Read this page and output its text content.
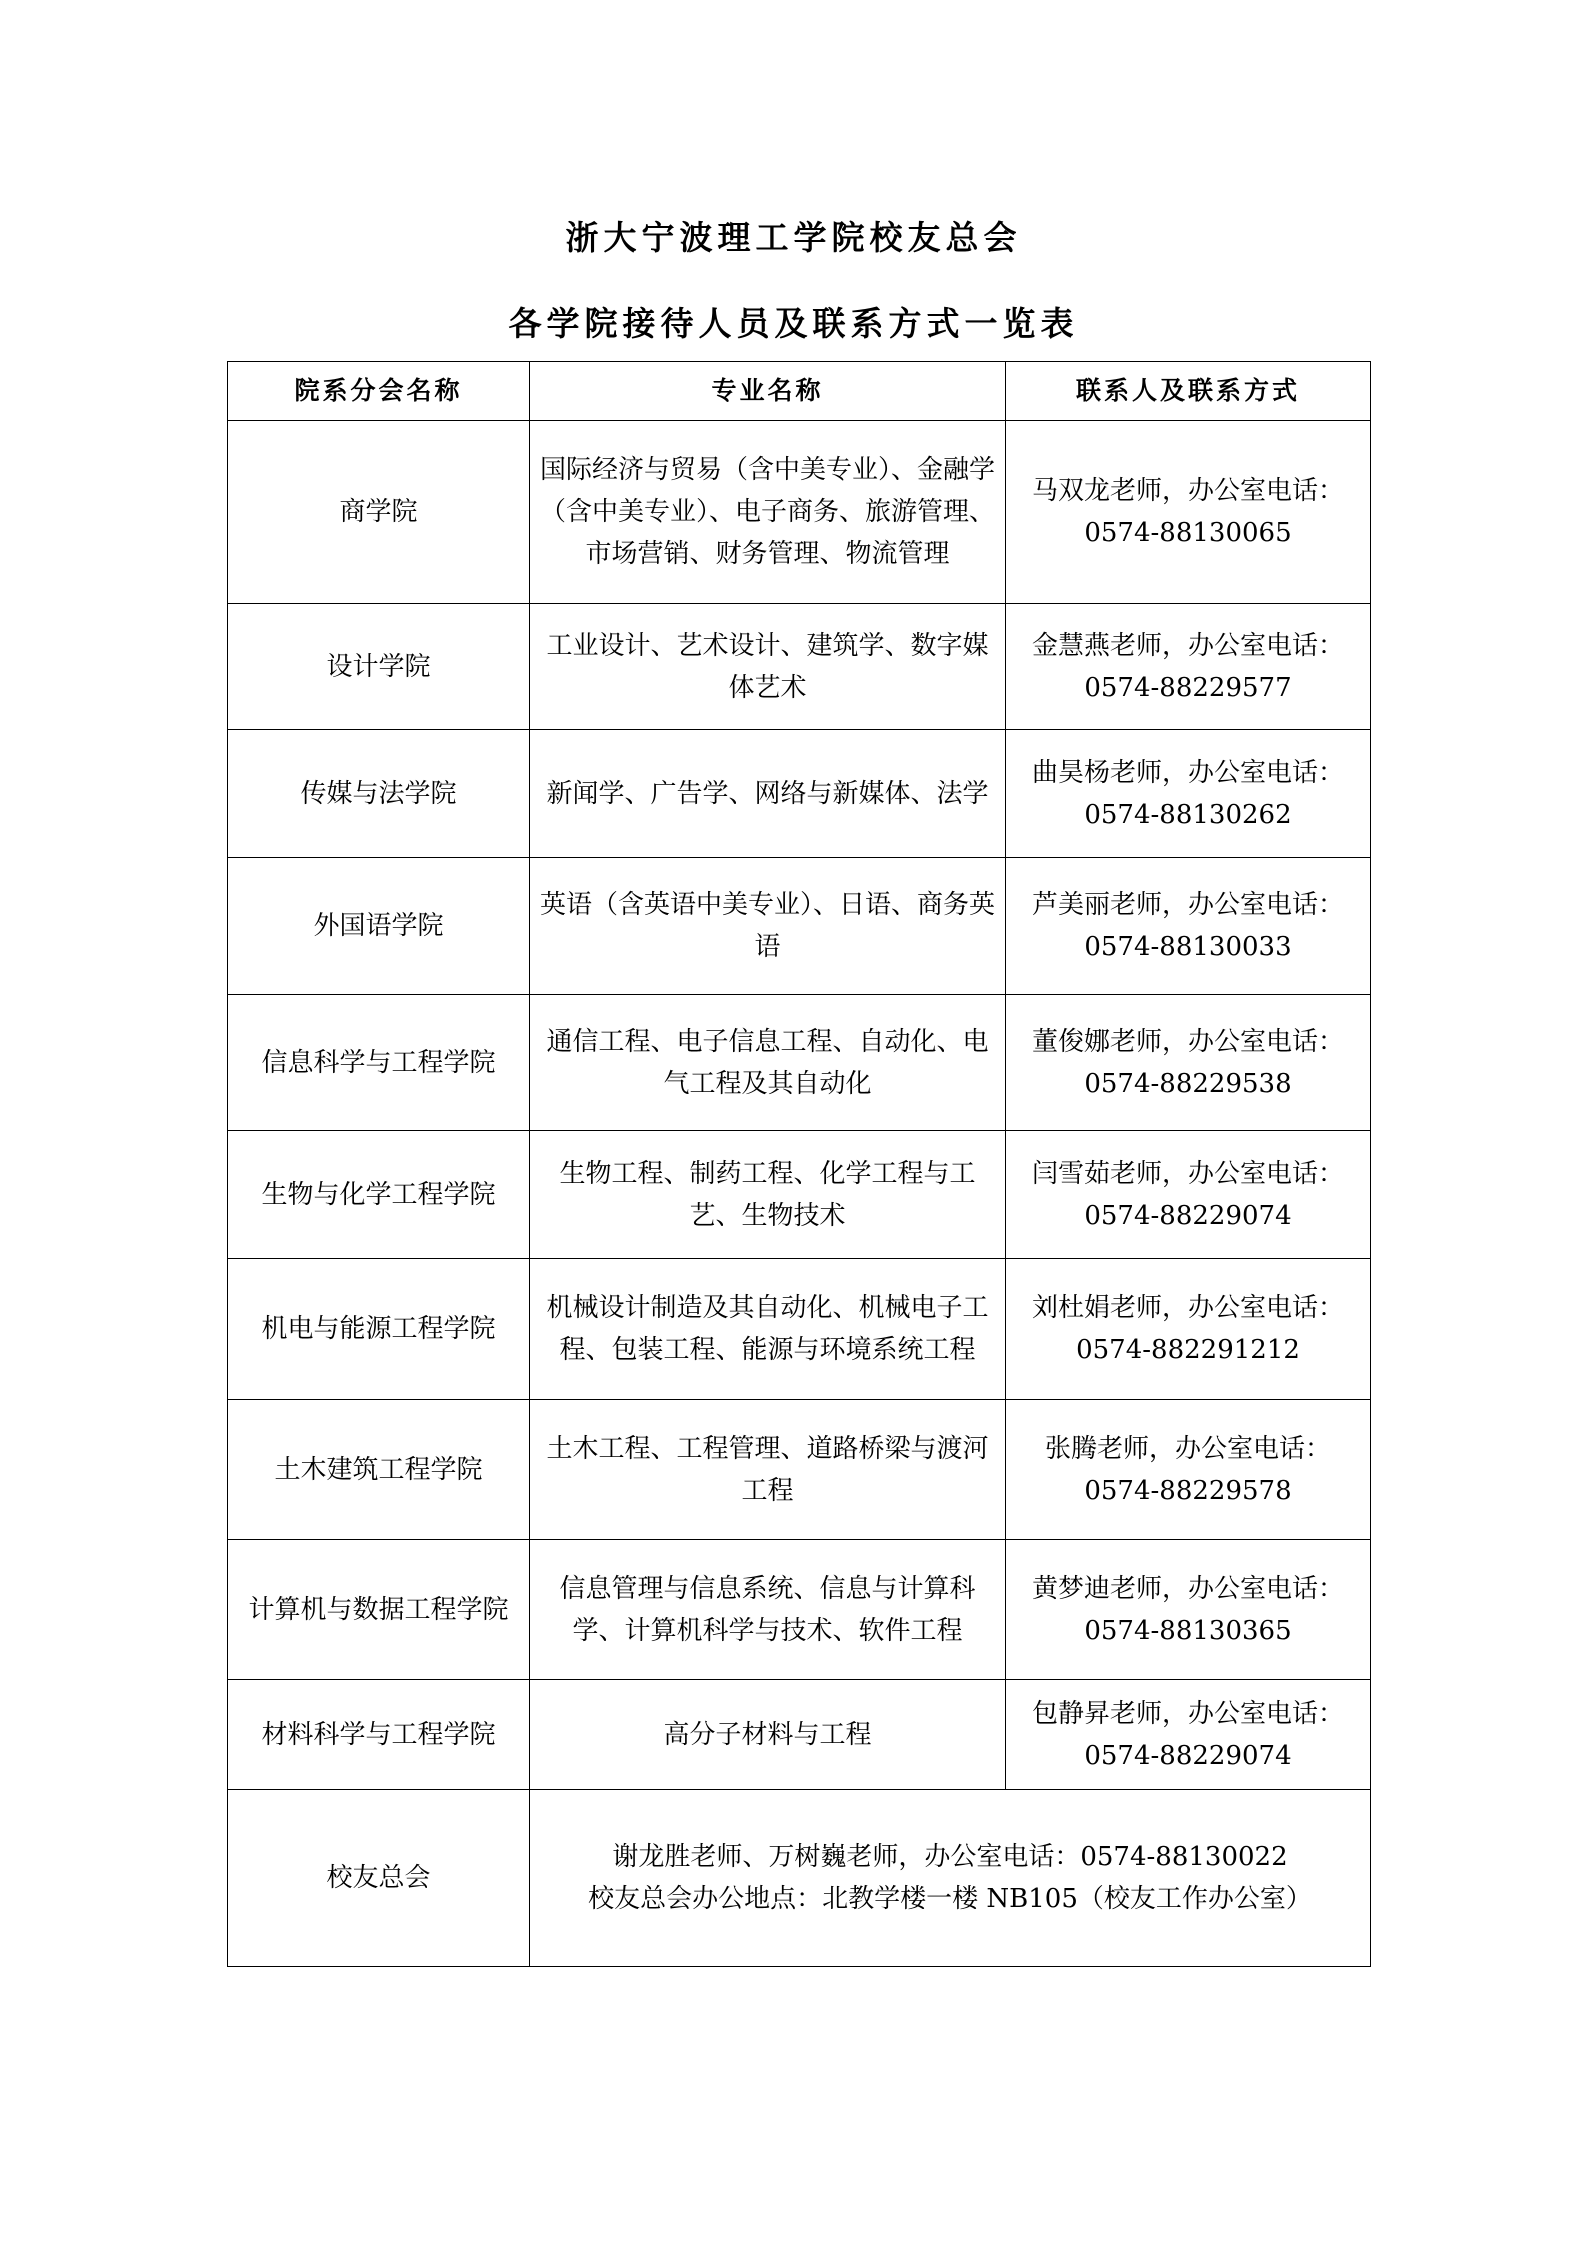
浙大宁波理工学院校友总会
各学院接待人员及联系方式一览表
院系分会名称	专业名称	联系人及联系方式
商学院	国际经济与贸易（含中美专业）、金融学（含中美专业）、电子商务、旅游管理、市场营销、财务管理、物流管理	马双龙老师，办公室电话：
0574-88130065

设计学院	工业设计、艺术设计、建筑学、数字媒体艺术	金慧燕老师，办公室电话：
0574-88229577

传媒与法学院	新闻学、广告学、网络与新媒体、法学	曲昊杨老师，办公室电话：
0574-88130262

外国语学院	英语（含英语中美专业）、日语、商务英语	芦美丽老师，办公室电话：
0574-88130033

信息科学与工程学院	通信工程、电子信息工程、自动化、电气工程及其自动化	董俊娜老师，办公室电话：
0574-88229538

生物与化学工程学院	生物工程、制药工程、化学工程与工艺、生物技术	闫雪茹老师，办公室电话：
0574-88229074

机电与能源工程学院	机械设计制造及其自动化、机械电子工程、包装工程、能源与环境系统工程	刘杜娟老师，办公室电话：
0574-882291212

土木建筑工程学院	土木工程、工程管理、道路桥梁与渡河工程	张腾老师，办公室电话：
0574-88229578

计算机与数据工程学院	信息管理与信息系统、信息与计算科学、计算机科学与技术、软件工程	黄梦迪老师，办公室电话：
0574-88130365

材料科学与工程学院	高分子材料与工程	包静昇老师，办公室电话：
0574-88229074

校友总会	谢龙胜老师、万树巍老师，办公室电话：0574-88130022
校友总会办公地点：北教学楼一楼 NB105（校友工作办公室）	
